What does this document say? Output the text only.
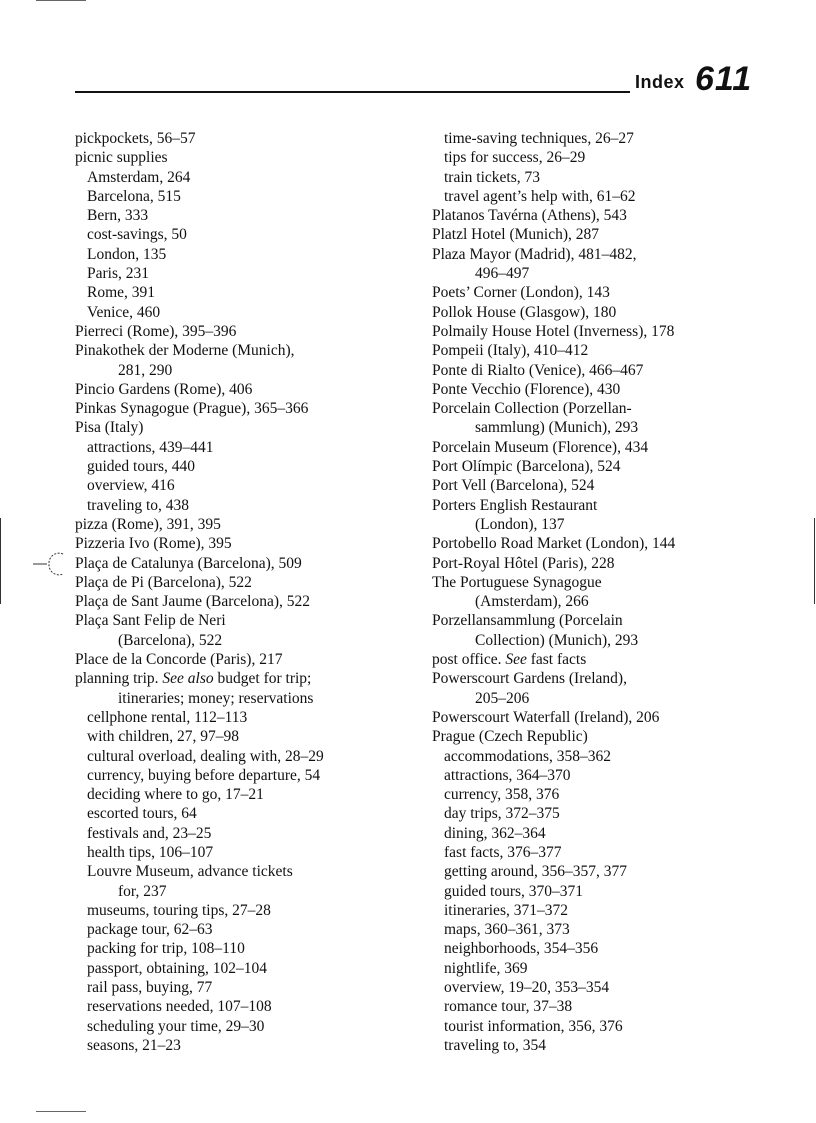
Index 611
pickpockets, 56–57
picnic supplies
Amsterdam, 264
Barcelona, 515
Bern, 333
cost-savings, 50
London, 135
Paris, 231
Rome, 391
Venice, 460
Pierreci (Rome), 395–396
Pinakothek der Moderne (Munich),
281, 290
Pincio Gardens (Rome), 406
Pinkas Synagogue (Prague), 365–366
Pisa (Italy)
attractions, 439–441
guided tours, 440
overview, 416
traveling to, 438
pizza (Rome), 391, 395
Pizzeria Ivo (Rome), 395
Plaça de Catalunya (Barcelona), 509
Plaça de Pi (Barcelona), 522
Plaça de Sant Jaume (Barcelona), 522
Plaça Sant Felip de Neri
(Barcelona), 522
Place de la Concorde (Paris), 217
planning trip. See also budget for trip;
itineraries; money; reservations
cellphone rental, 112–113
with children, 27, 97–98
cultural overload, dealing with, 28–29
currency, buying before departure, 54
deciding where to go, 17–21
escorted tours, 64
festivals and, 23–25
health tips, 106–107
Louvre Museum, advance tickets
for, 237
museums, touring tips, 27–28
package tour, 62–63
packing for trip, 108–110
passport, obtaining, 102–104
rail pass, buying, 77
reservations needed, 107–108
scheduling your time, 29–30
seasons, 21–23
time-saving techniques, 26–27
tips for success, 26–29
train tickets, 73
travel agent’s help with, 61–62
Platanos Tavérna (Athens), 543
Platzl Hotel (Munich), 287
Plaza Mayor (Madrid), 481–482,
496–497
Poets’ Corner (London), 143
Pollok House (Glasgow), 180
Polmaily House Hotel (Inverness), 178
Pompeii (Italy), 410–412
Ponte di Rialto (Venice), 466–467
Ponte Vecchio (Florence), 430
Porcelain Collection (Porzellan-
sammlung) (Munich), 293
Porcelain Museum (Florence), 434
Port Olímpic (Barcelona), 524
Port Vell (Barcelona), 524
Porters English Restaurant
(London), 137
Portobello Road Market (London), 144
Port-Royal Hôtel (Paris), 228
The Portuguese Synagogue
(Amsterdam), 266
Porzellansammlung (Porcelain
Collection) (Munich), 293
post office. See fast facts
Powerscourt Gardens (Ireland),
205–206
Powerscourt Waterfall (Ireland), 206
Prague (Czech Republic)
accommodations, 358–362
attractions, 364–370
currency, 358, 376
day trips, 372–375
dining, 362–364
fast facts, 376–377
getting around, 356–357, 377
guided tours, 370–371
itineraries, 371–372
maps, 360–361, 373
neighborhoods, 354–356
nightlife, 369
overview, 19–20, 353–354
romance tour, 37–38
tourist information, 356, 376
traveling to, 354
